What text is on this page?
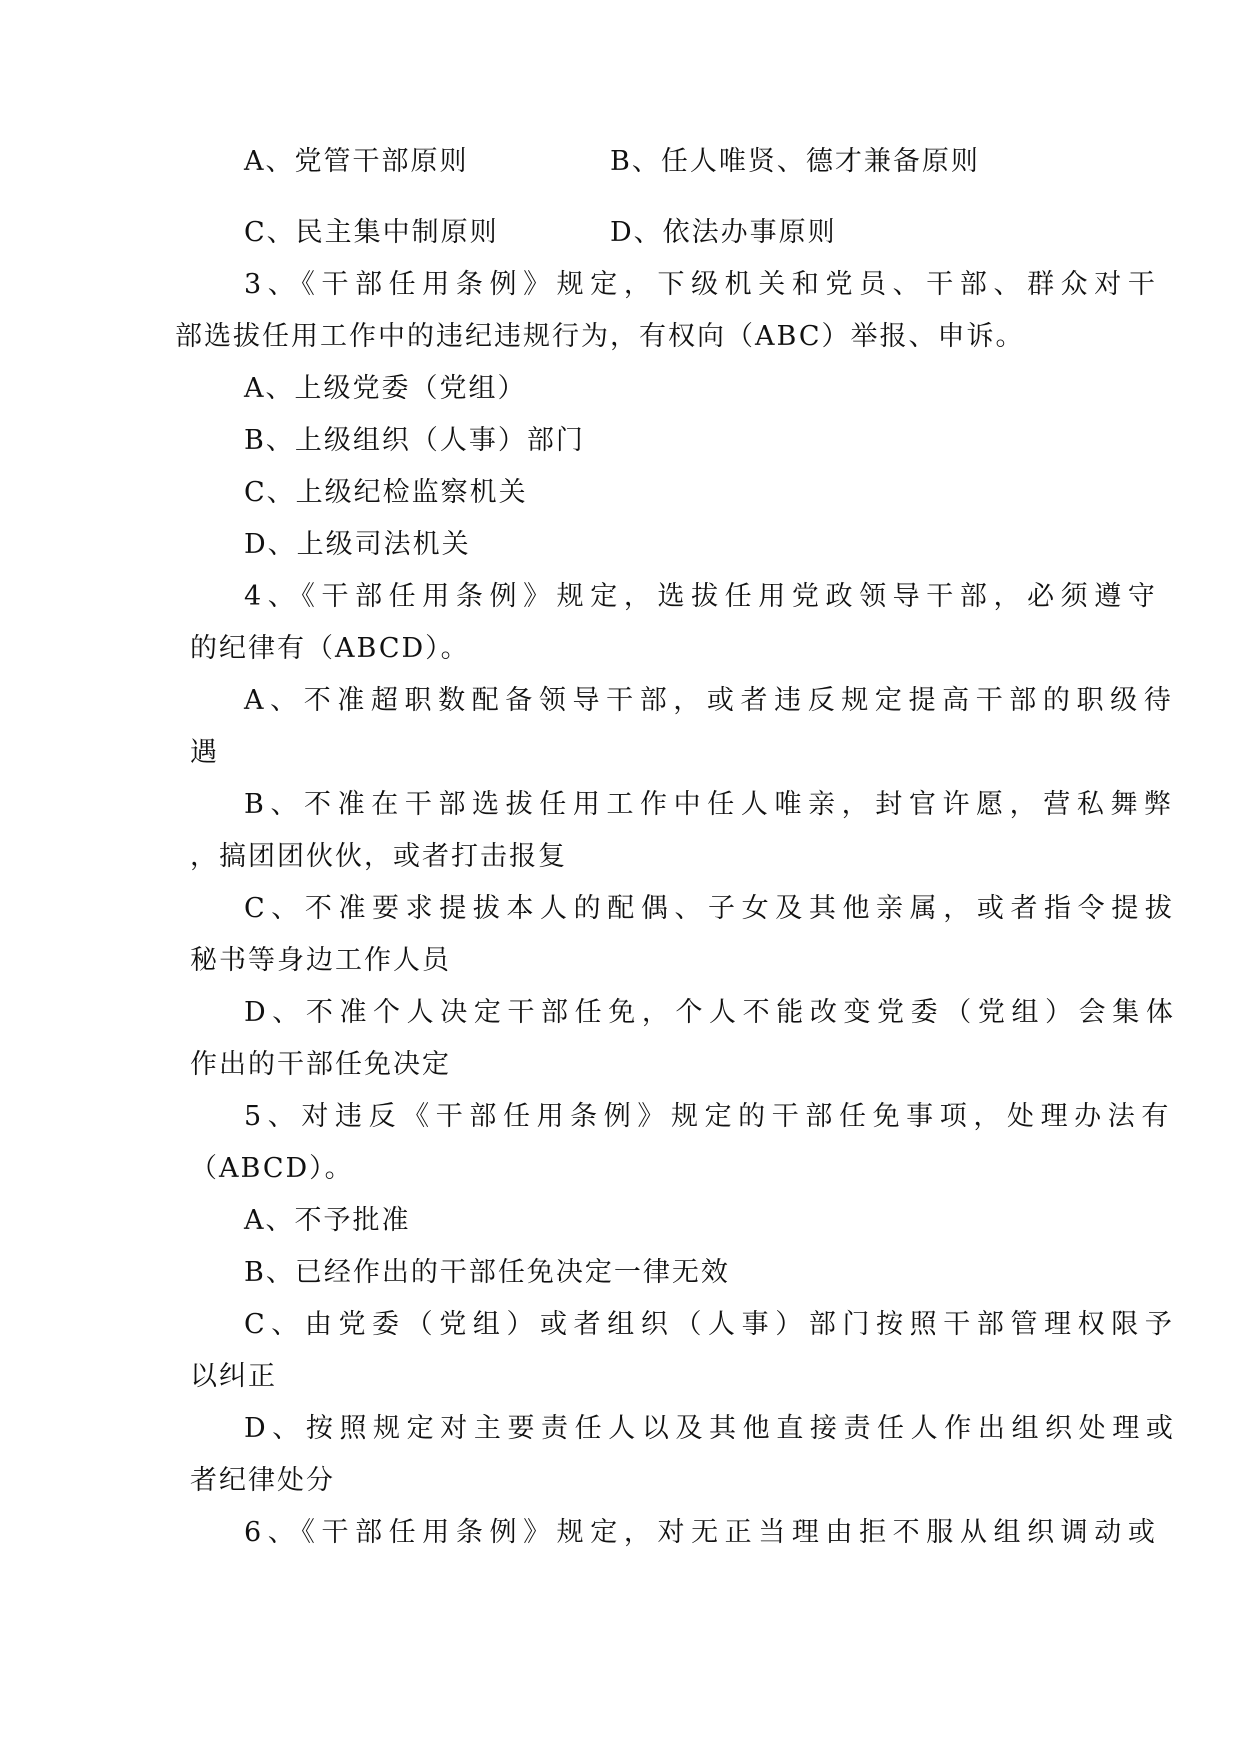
A、党管干部原则	B、任人唯贤、德才兼备原则
C、民主集中制原则	D、依法办事原则
3、《干部任用条例》规定，下级机关和党员、干部、群众对干
部选拔任用工作中的违纪违规行为，有权向（ABC）举报、申诉。
A、上级党委（党组）
B、上级组织（人事）部门
C、上级纪检监察机关
D、上级司法机关
4、《干部任用条例》规定，选拔任用党政领导干部，必须遵守
的纪律有（ABCD）。
A、不准超职数配备领导干部，或者违反规定提高干部的职级待
遇
B、不准在干部选拔任用工作中任人唯亲，封官许愿，营私舞弊
，搞团团伙伙，或者打击报复
C、不准要求提拔本人的配偶、子女及其他亲属，或者指令提拔
秘书等身边工作人员
D、不准个人决定干部任免，个人不能改变党委（党组）会集体
作出的干部任免决定
5、对违反《干部任用条例》规定的干部任免事项，处理办法有
（ABCD）。
A、不予批准
B、已经作出的干部任免决定一律无效
C、由党委（党组）或者组织（人事）部门按照干部管理权限予
以纠正
D、按照规定对主要责任人以及其他直接责任人作出组织处理或
者纪律处分
6、《干部任用条例》规定，对无正当理由拒不服从组织调动或
